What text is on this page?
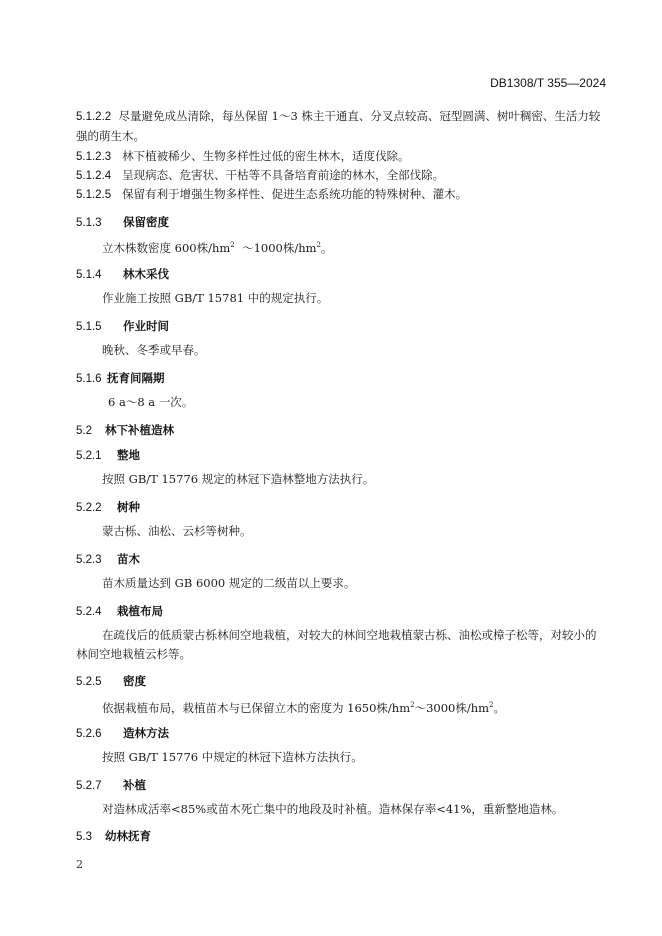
DB1308/T 355—2024
5.1.2.2 尽量避免成丛清除，每丛保留 1～3 株主干通直、分叉点较高、冠型圆满、树叶稠密、生活力较强的萌生木。
5.1.2.3 林下植被稀少、生物多样性过低的密生林木，适度伐除。
5.1.2.4 呈现病态、危害状、干枯等不具备培育前途的林木，全部伐除。
5.1.2.5 保留有利于增强生物多样性、促进生态系统功能的特殊树种、灌木。
5.1.3 保留密度
立木株数密度 600株$/hm^2$ ～1000株$/hm^2$。
5.1.4 林木采伐
作业施工按照 GB/T 15781 中的规定执行。
5.1.5 作业时间
晚秋、冬季或早春。
5.1.6 抚育间隔期
6 a～8 a 一次。
5.2 林下补植造林
5.2.1 整地
按照 GB/T 15776 规定的林冠下造林整地方法执行。
5.2.2 树种
蒙古栎、油松、云杉等树种。
5.2.3 苗木
苗木质量达到 GB 6000 规定的二级苗以上要求。
5.2.4 栽植布局
在疏伐后的低质蒙古栎林间空地栽植，对较大的林间空地栽植蒙古栎、油松或樟子松等，对较小的林间空地栽植云杉等。
5.2.5 密度
依据栽植布局，栽植苗木与已保留立木的密度为 1650株$/hm^2\sim 3000$株$/hm^2$。
5.2.6 造林方法
按照 GB/T 15776 中规定的林冠下造林方法执行。
5.2.7 补植
对造林成活率<85%或苗木死亡集中的地段及时补植。造林保存率<41%，重新整地造林。
5.3 幼林抚育
2
